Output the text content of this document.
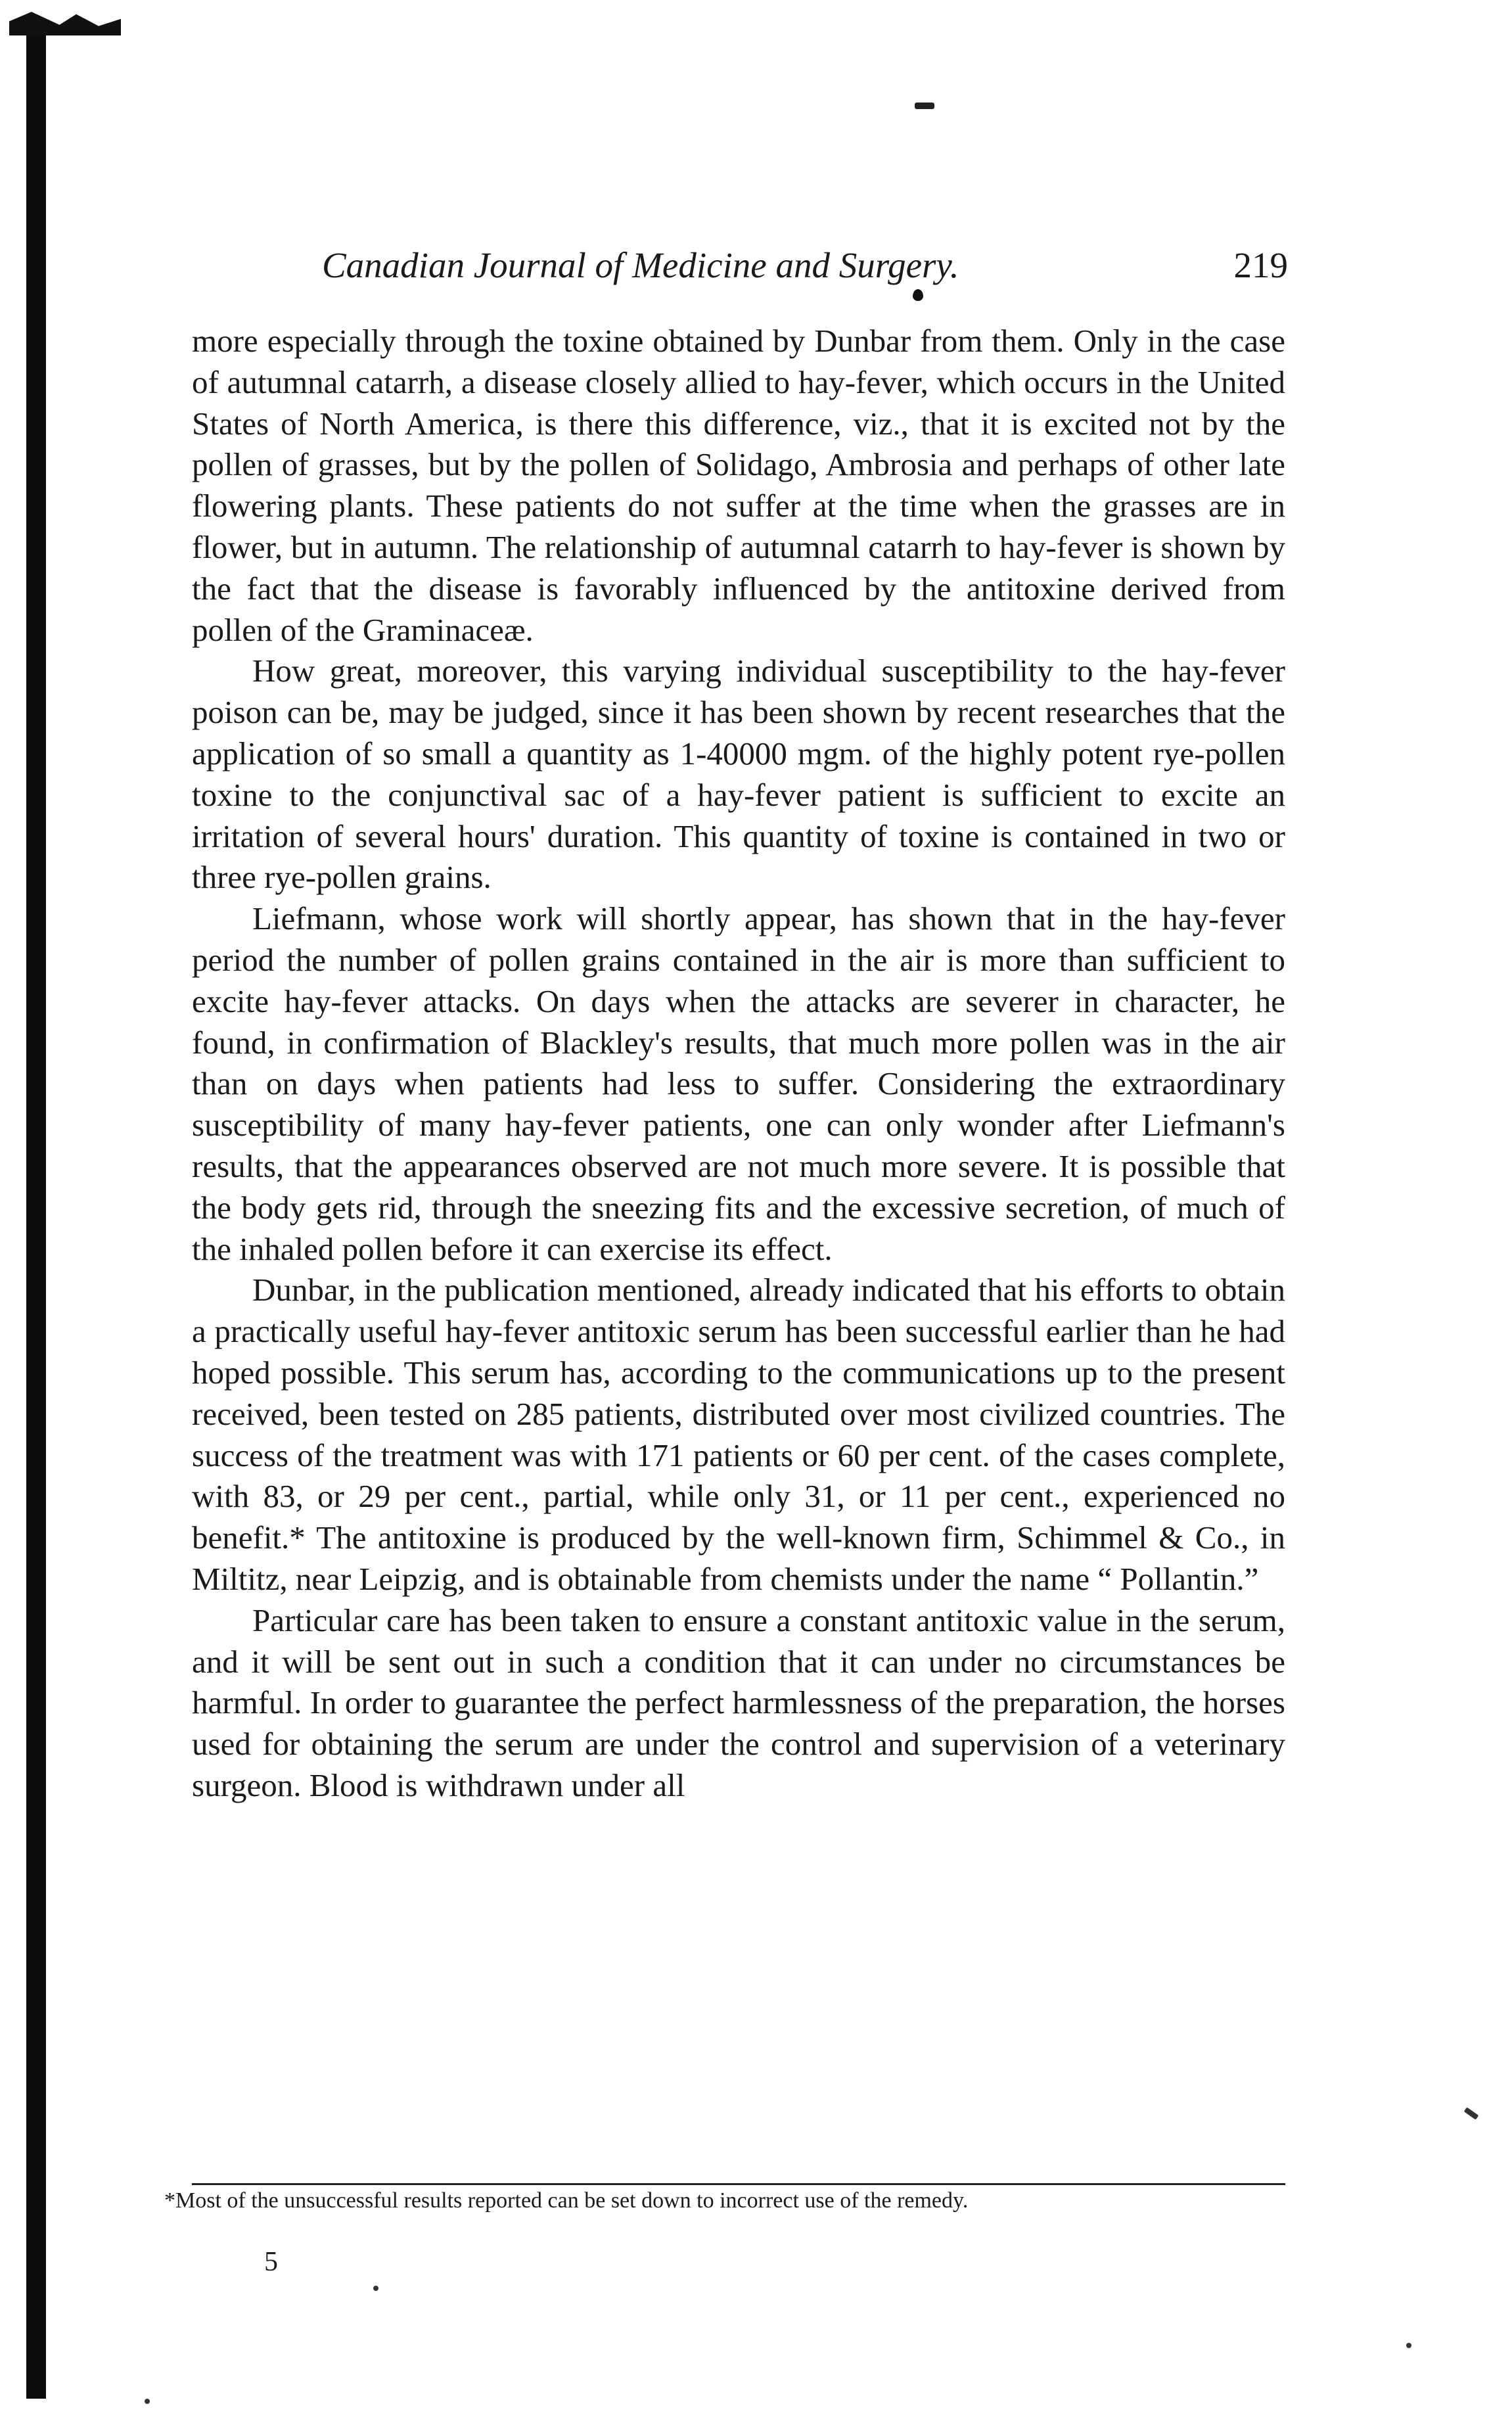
Canadian Journal of Medicine and Surgery.	219

more especially through the toxine obtained by Dunbar from them. Only in the case of autumnal catarrh, a disease closely allied to hay-fever, which occurs in the United States of North America, is there this difference, viz., that it is excited not by the pollen of grasses, but by the pollen of Solidago, Ambrosia and perhaps of other late flowering plants. These patients do not suffer at the time when the grasses are in flower, but in autumn. The relationship of autumnal catarrh to hay-fever is shown by the fact that the disease is favorably influenced by the antitoxine derived from pollen of the Graminaceæ.

How great, moreover, this varying individual susceptibility to the hay-fever poison can be, may be judged, since it has been shown by recent researches that the application of so small a quantity as 1-40000 mgm. of the highly potent rye-pollen toxine to the conjunctival sac of a hay-fever patient is sufficient to excite an irritation of several hours' duration. This quantity of toxine is contained in two or three rye-pollen grains.

Liefmann, whose work will shortly appear, has shown that in the hay-fever period the number of pollen grains contained in the air is more than sufficient to excite hay-fever attacks. On days when the attacks are severer in character, he found, in confirmation of Blackley's results, that much more pollen was in the air than on days when patients had less to suffer. Considering the extraordinary susceptibility of many hay-fever patients, one can only wonder after Liefmann's results, that the appearances observed are not much more severe. It is possible that the body gets rid, through the sneezing fits and the excessive secretion, of much of the inhaled pollen before it can exercise its effect.

Dunbar, in the publication mentioned, already indicated that his efforts to obtain a practically useful hay-fever antitoxic serum has been successful earlier than he had hoped possible. This serum has, according to the communications up to the present received, been tested on 285 patients, distributed over most civilized countries. The success of the treatment was with 171 patients or 60 per cent. of the cases complete, with 83, or 29 per cent., partial, while only 31, or 11 per cent., experienced no benefit.* The antitoxine is produced by the well-known firm, Schimmel & Co., in Miltitz, near Leipzig, and is obtainable from chemists under the name “ Pollantin.”

Particular care has been taken to ensure a constant antitoxic value in the serum, and it will be sent out in such a condition that it can under no circumstances be harmful. In order to guarantee the perfect harmlessness of the preparation, the horses used for obtaining the serum are under the control and supervision of a veterinary surgeon. Blood is withdrawn under all

*Most of the unsuccessful results reported can be set down to incorrect use of the remedy.
5
